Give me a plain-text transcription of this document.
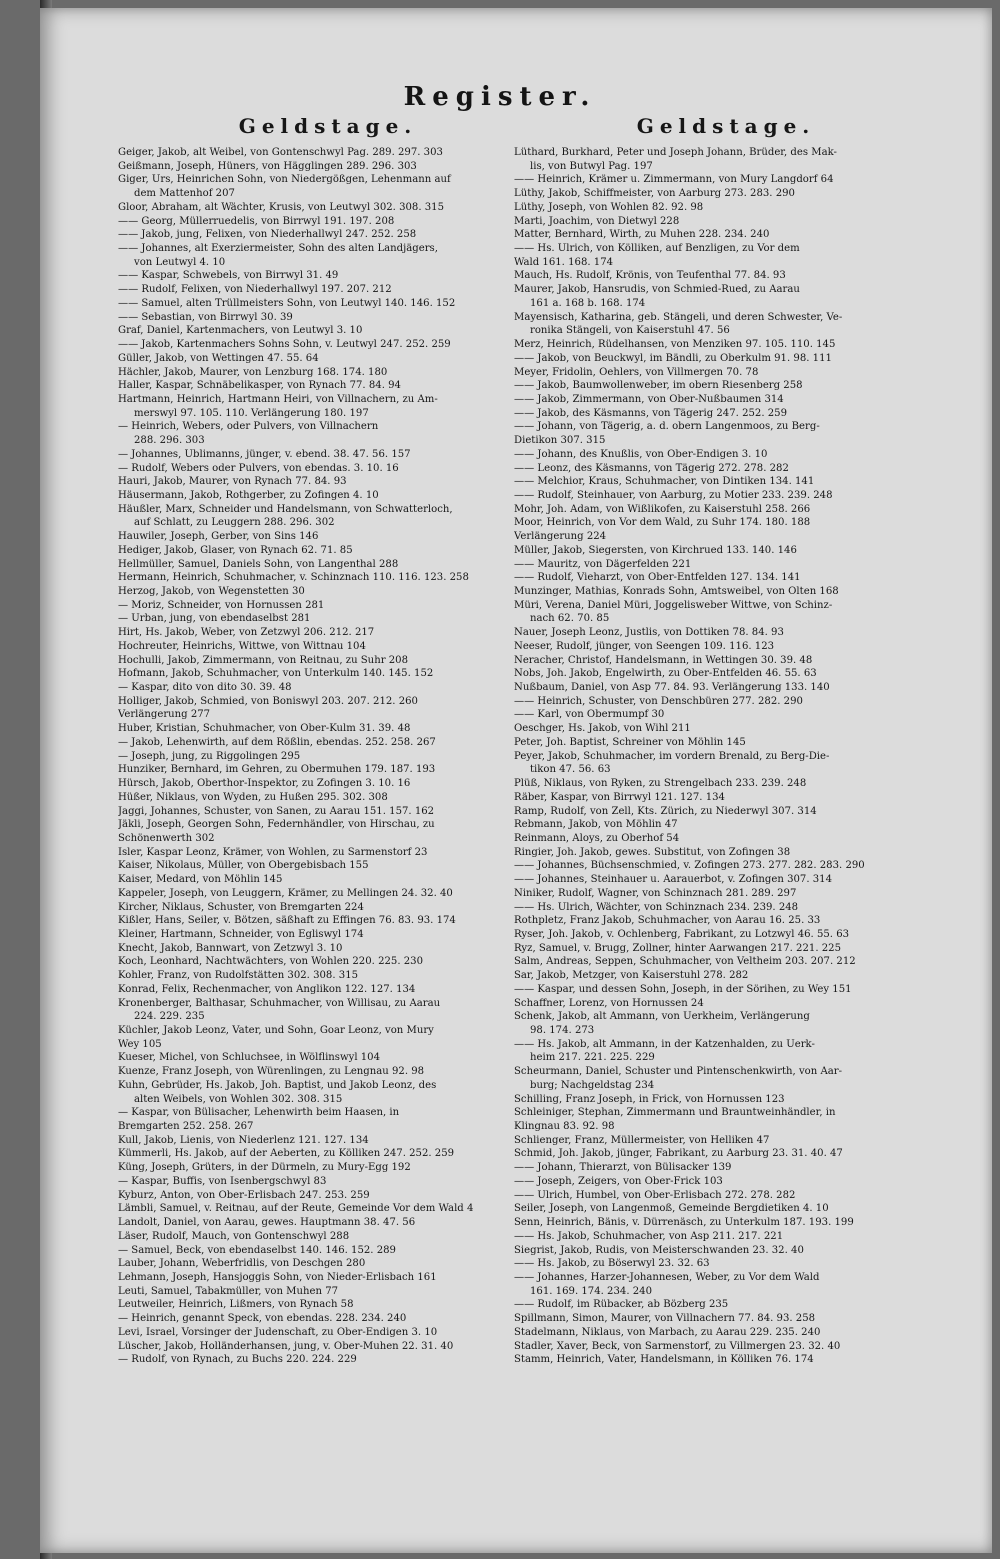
Register.
Geldstage.
Geiger, Jakob, alt Weibel, von Gontenschwyl Pag. 289. 297. 303
Geißmann, Joseph, Hüners, von Hägglingen 289. 296. 303
Giger, Urs, Heinrichen Sohn, von Niedergößgen, Lehenmann auf
dem Mattenhof 207
Gloor, Abraham, alt Wächter, Krusis, von Leutwyl 302. 308. 315
—— Georg, Müllerruedelis, von Birrwyl 191. 197. 208
—— Jakob, jung, Felixen, von Niederhallwyl 247. 252. 258
—— Johannes, alt Exerziermeister, Sohn des alten Landjägers,
von Leutwyl 4. 10
—— Kaspar, Schwebels, von Birrwyl 31. 49
—— Rudolf, Felixen, von Niederhallwyl 197. 207. 212
—— Samuel, alten Trüllmeisters Sohn, von Leutwyl 140. 146. 152
—— Sebastian, von Birrwyl 30. 39
Graf, Daniel, Kartenmachers, von Leutwyl 3. 10
—— Jakob, Kartenmachers Sohns Sohn, v. Leutwyl 247. 252. 259
Güller, Jakob, von Wettingen 47. 55. 64
Hächler, Jakob, Maurer, von Lenzburg 168. 174. 180
Haller, Kaspar, Schnäbelikasper, von Rynach 77. 84. 94
Hartmann, Heinrich, Hartmann Heiri, von Villnachern, zu Am-
merswyl 97. 105. 110. Verlängerung 180. 197
— Heinrich, Webers, oder Pulvers, von Villnachern
288. 296. 303
— Johannes, Ublimanns, jünger, v. ebend. 38. 47. 56. 157
— Rudolf, Webers oder Pulvers, von ebendas. 3. 10. 16
Hauri, Jakob, Maurer, von Rynach 77. 84. 93
Häusermann, Jakob, Rothgerber, zu Zofingen 4. 10
Häußler, Marx, Schneider und Handelsmann, von Schwatterloch,
auf Schlatt, zu Leuggern 288. 296. 302
Hauwiler, Joseph, Gerber, von Sins 146
Hediger, Jakob, Glaser, von Rynach 62. 71. 85
Hellmüller, Samuel, Daniels Sohn, von Langenthal 288
Hermann, Heinrich, Schuhmacher, v. Schinznach 110. 116. 123. 258
Herzog, Jakob, von Wegenstetten 30
— Moriz, Schneider, von Hornussen 281
— Urban, jung, von ebendaselbst 281
Hirt, Hs. Jakob, Weber, von Zetzwyl 206. 212. 217
Hochreuter, Heinrichs, Wittwe, von Wittnau 104
Hochulli, Jakob, Zimmermann, von Reitnau, zu Suhr 208
Hofmann, Jakob, Schuhmacher, von Unterkulm 140. 145. 152
— Kaspar, dito von dito 30. 39. 48
Holliger, Jakob, Schmied, von Boniswyl 203. 207. 212. 260
Verlängerung 277
Huber, Kristian, Schuhmacher, von Ober-Kulm 31. 39. 48
— Jakob, Lehenwirth, auf dem Rößlin, ebendas. 252. 258. 267
— Joseph, jung, zu Riggolingen 295
Hunziker, Bernhard, im Gehren, zu Obermuhen 179. 187. 193
Hürsch, Jakob, Oberthor-Inspektor, zu Zofingen 3. 10. 16
Hüßer, Niklaus, von Wyden, zu Hußen 295. 302. 308
Jaggi, Johannes, Schuster, von Sanen, zu Aarau 151. 157. 162
Jäkli, Joseph, Georgen Sohn, Federnhändler, von Hirschau, zu
Schönenwerth 302
Isler, Kaspar Leonz, Krämer, von Wohlen, zu Sarmenstorf 23
Kaiser, Nikolaus, Müller, von Obergebisbach 155
Kaiser, Medard, von Möhlin 145
Kappeler, Joseph, von Leuggern, Krämer, zu Mellingen 24. 32. 40
Kircher, Niklaus, Schuster, von Bremgarten 224
Kißler, Hans, Seiler, v. Bötzen, säßhaft zu Effingen 76. 83. 93. 174
Kleiner, Hartmann, Schneider, von Egliswyl 174
Knecht, Jakob, Bannwart, von Zetzwyl 3. 10
Koch, Leonhard, Nachtwächters, von Wohlen 220. 225. 230
Kohler, Franz, von Rudolfstätten 302. 308. 315
Konrad, Felix, Rechenmacher, von Anglikon 122. 127. 134
Kronenberger, Balthasar, Schuhmacher, von Willisau, zu Aarau
224. 229. 235
Küchler, Jakob Leonz, Vater, und Sohn, Goar Leonz, von Mury
Wey 105
Kueser, Michel, von Schluchsee, in Wölflinswyl 104
Kuenze, Franz Joseph, von Würenlingen, zu Lengnau 92. 98
Kuhn, Gebrüder, Hs. Jakob, Joh. Baptist, und Jakob Leonz, des
alten Weibels, von Wohlen 302. 308. 315
— Kaspar, von Bülisacher, Lehenwirth beim Haasen, in
Bremgarten 252. 258. 267
Kull, Jakob, Lienis, von Niederlenz 121. 127. 134
Kümmerli, Hs. Jakob, auf der Aeberten, zu Kölliken 247. 252. 259
Küng, Joseph, Grüters, in der Dürmeln, zu Mury-Egg 192
— Kaspar, Buffis, von Isenbergschwyl 83
Kyburz, Anton, von Ober-Erlisbach 247. 253. 259
Lämbli, Samuel, v. Reitnau, auf der Reute, Gemeinde Vor dem Wald 4
Landolt, Daniel, von Aarau, gewes. Hauptmann 38. 47. 56
Läser, Rudolf, Mauch, von Gontenschwyl 288
— Samuel, Beck, von ebendaselbst 140. 146. 152. 289
Lauber, Johann, Weberfridlis, von Deschgen 280
Lehmann, Joseph, Hansjoggis Sohn, von Nieder-Erlisbach 161
Leuti, Samuel, Tabakmüller, von Muhen 77
Leutweiler, Heinrich, Lißmers, von Rynach 58
— Heinrich, genannt Speck, von ebendas. 228. 234. 240
Levi, Israel, Vorsinger der Judenschaft, zu Ober-Endigen 3. 10
Lüscher, Jakob, Holländerhansen, jung, v. Ober-Muhen 22. 31. 40
— Rudolf, von Rynach, zu Buchs 220. 224. 229
Geldstage.
Lüthard, Burkhard, Peter und Joseph Johann, Brüder, des Mak-
lis, von Butwyl Pag. 197
—— Heinrich, Krämer u. Zimmermann, von Mury Langdorf 64
Lüthy, Jakob, Schiffmeister, von Aarburg 273. 283. 290
Lüthy, Joseph, von Wohlen 82. 92. 98
Marti, Joachim, von Dietwyl 228
Matter, Bernhard, Wirth, zu Muhen 228. 234. 240
—— Hs. Ulrich, von Kölliken, auf Benzligen, zu Vor dem
Wald 161. 168. 174
Mauch, Hs. Rudolf, Krönis, von Teufenthal 77. 84. 93
Maurer, Jakob, Hansrudis, von Schmied-Rued, zu Aarau
161 a. 168 b. 168. 174
Mayensisch, Katharina, geb. Stängeli, und deren Schwester, Ve-
ronika Stängeli, von Kaiserstuhl 47. 56
Merz, Heinrich, Rüdelhansen, von Menziken 97. 105. 110. 145
—— Jakob, von Beuckwyl, im Bändli, zu Oberkulm 91. 98. 111
Meyer, Fridolin, Oehlers, von Villmergen 70. 78
—— Jakob, Baumwollenweber, im obern Riesenberg 258
—— Jakob, Zimmermann, von Ober-Nußbaumen 314
—— Jakob, des Käsmanns, von Tägerig 247. 252. 259
—— Johann, von Tägerig, a. d. obern Langenmoos, zu Berg-
Dietikon 307. 315
—— Johann, des Knußlis, von Ober-Endigen 3. 10
—— Leonz, des Käsmanns, von Tägerig 272. 278. 282
—— Melchior, Kraus, Schuhmacher, von Dintiken 134. 141
—— Rudolf, Steinhauer, von Aarburg, zu Motier 233. 239. 248
Mohr, Joh. Adam, von Wißlikofen, zu Kaiserstuhl 258. 266
Moor, Heinrich, von Vor dem Wald, zu Suhr 174. 180. 188
Verlängerung 224
Müller, Jakob, Siegersten, von Kirchrued 133. 140. 146
—— Mauritz, von Dägerfelden 221
—— Rudolf, Vieharzt, von Ober-Entfelden 127. 134. 141
Munzinger, Mathias, Konrads Sohn, Amtsweibel, von Olten 168
Müri, Verena, Daniel Müri, Joggelisweber Wittwe, von Schinz-
nach 62. 70. 85
Nauer, Joseph Leonz, Justlis, von Dottiken 78. 84. 93
Neeser, Rudolf, jünger, von Seengen 109. 116. 123
Neracher, Christof, Handelsmann, in Wettingen 30. 39. 48
Nobs, Joh. Jakob, Engelwirth, zu Ober-Entfelden 46. 55. 63
Nußbaum, Daniel, von Asp 77. 84. 93. Verlängerung 133. 140
—— Heinrich, Schuster, von Denschbüren 277. 282. 290
—— Karl, von Obermumpf 30
Oeschger, Hs. Jakob, von Wihl 211
Peter, Joh. Baptist, Schreiner von Möhlin 145
Peyer, Jakob, Schuhmacher, im vordern Brenald, zu Berg-Die-
tikon 47. 56. 63
Plüß, Niklaus, von Ryken, zu Strengelbach 233. 239. 248
Räber, Kaspar, von Birrwyl 121. 127. 134
Ramp, Rudolf, von Zell, Kts. Zürich, zu Niederwyl 307. 314
Rebmann, Jakob, von Möhlin 47
Reinmann, Aloys, zu Oberhof 54
Ringier, Joh. Jakob, gewes. Substitut, von Zofingen 38
—— Johannes, Büchsenschmied, v. Zofingen 273. 277. 282. 283. 290
—— Johannes, Steinhauer u. Aarauerbot, v. Zofingen 307. 314
Niniker, Rudolf, Wagner, von Schinznach 281. 289. 297
—— Hs. Ulrich, Wächter, von Schinznach 234. 239. 248
Rothpletz, Franz Jakob, Schuhmacher, von Aarau 16. 25. 33
Ryser, Joh. Jakob, v. Ochlenberg, Fabrikant, zu Lotzwyl 46. 55. 63
Ryz, Samuel, v. Brugg, Zollner, hinter Aarwangen 217. 221. 225
Salm, Andreas, Seppen, Schuhmacher, von Veltheim 203. 207. 212
Sar, Jakob, Metzger, von Kaiserstuhl 278. 282
—— Kaspar, und dessen Sohn, Joseph, in der Sörihen, zu Wey 151
Schaffner, Lorenz, von Hornussen 24
Schenk, Jakob, alt Ammann, von Uerkheim, Verlängerung
98. 174. 273
—— Hs. Jakob, alt Ammann, in der Katzenhalden, zu Uerk-
heim 217. 221. 225. 229
Scheurmann, Daniel, Schuster und Pintenschenkwirth, von Aar-
burg; Nachgeldstag 234
Schilling, Franz Joseph, in Frick, von Hornussen 123
Schleiniger, Stephan, Zimmermann und Brauntweinhändler, in
Klingnau 83. 92. 98
Schlienger, Franz, Müllermeister, von Helliken 47
Schmid, Joh. Jakob, jünger, Fabrikant, zu Aarburg 23. 31. 40. 47
—— Johann, Thierarzt, von Bülisacker 139
—— Joseph, Zeigers, von Ober-Frick 103
—— Ulrich, Humbel, von Ober-Erlisbach 272. 278. 282
Seiler, Joseph, von Langenmoß, Gemeinde Bergdietiken 4. 10
Senn, Heinrich, Bänis, v. Dürrenäsch, zu Unterkulm 187. 193. 199
—— Hs. Jakob, Schuhmacher, von Asp 211. 217. 221
Siegrist, Jakob, Rudis, von Meisterschwanden 23. 32. 40
—— Hs. Jakob, zu Böserwyl 23. 32. 63
—— Johannes, Harzer-Johannesen, Weber, zu Vor dem Wald
161. 169. 174. 234. 240
—— Rudolf, im Rübacker, ab Bözberg 235
Spillmann, Simon, Maurer, von Villnachern 77. 84. 93. 258
Stadelmann, Niklaus, von Marbach, zu Aarau 229. 235. 240
Stadler, Xaver, Beck, von Sarmenstorf, zu Villmergen 23. 32. 40
Stamm, Heinrich, Vater, Handelsmann, in Kölliken 76. 174
